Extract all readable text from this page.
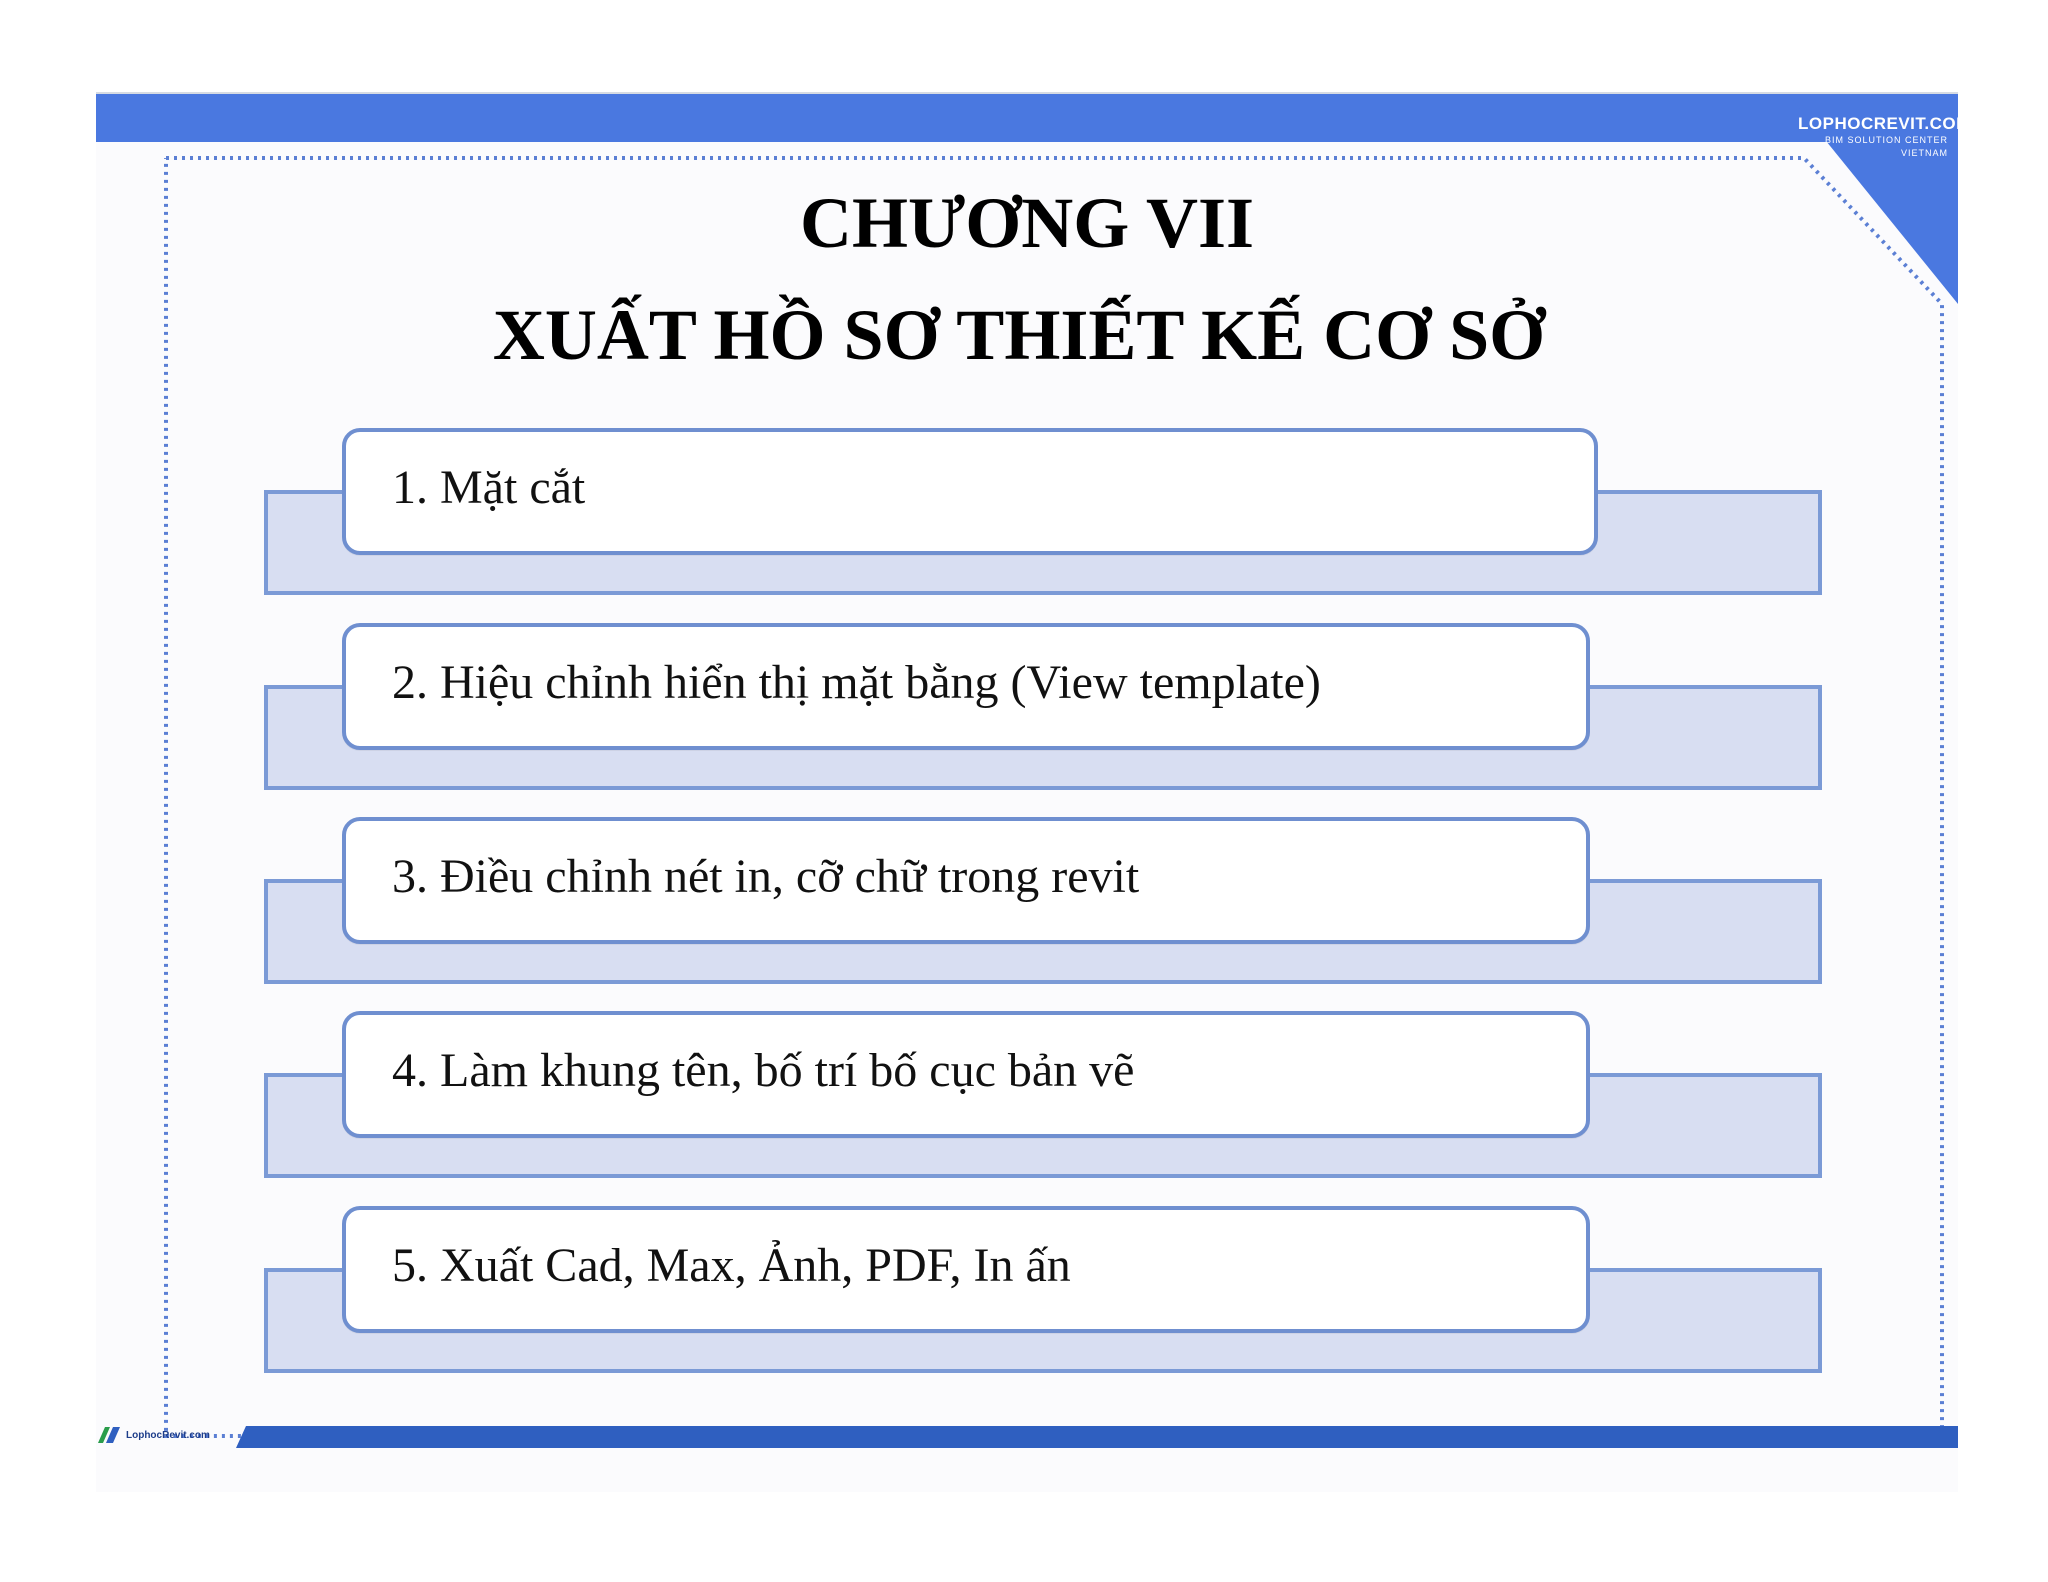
LOPHOCREVIT.COM
BIM SOLUTION CENTER
VIETNAM
CHƯƠNG VII
XUẤT HỒ SƠ THIẾT KẾ CƠ SỞ
1. Mặt cắt
2. Hiệu chỉnh hiển thị mặt bằng (View template)
3. Điều chỉnh nét in, cỡ chữ trong revit
4. Làm khung tên, bố trí bố cục bản vẽ
5. Xuất Cad, Max, Ảnh, PDF, In ấn
LophocRevit.com
